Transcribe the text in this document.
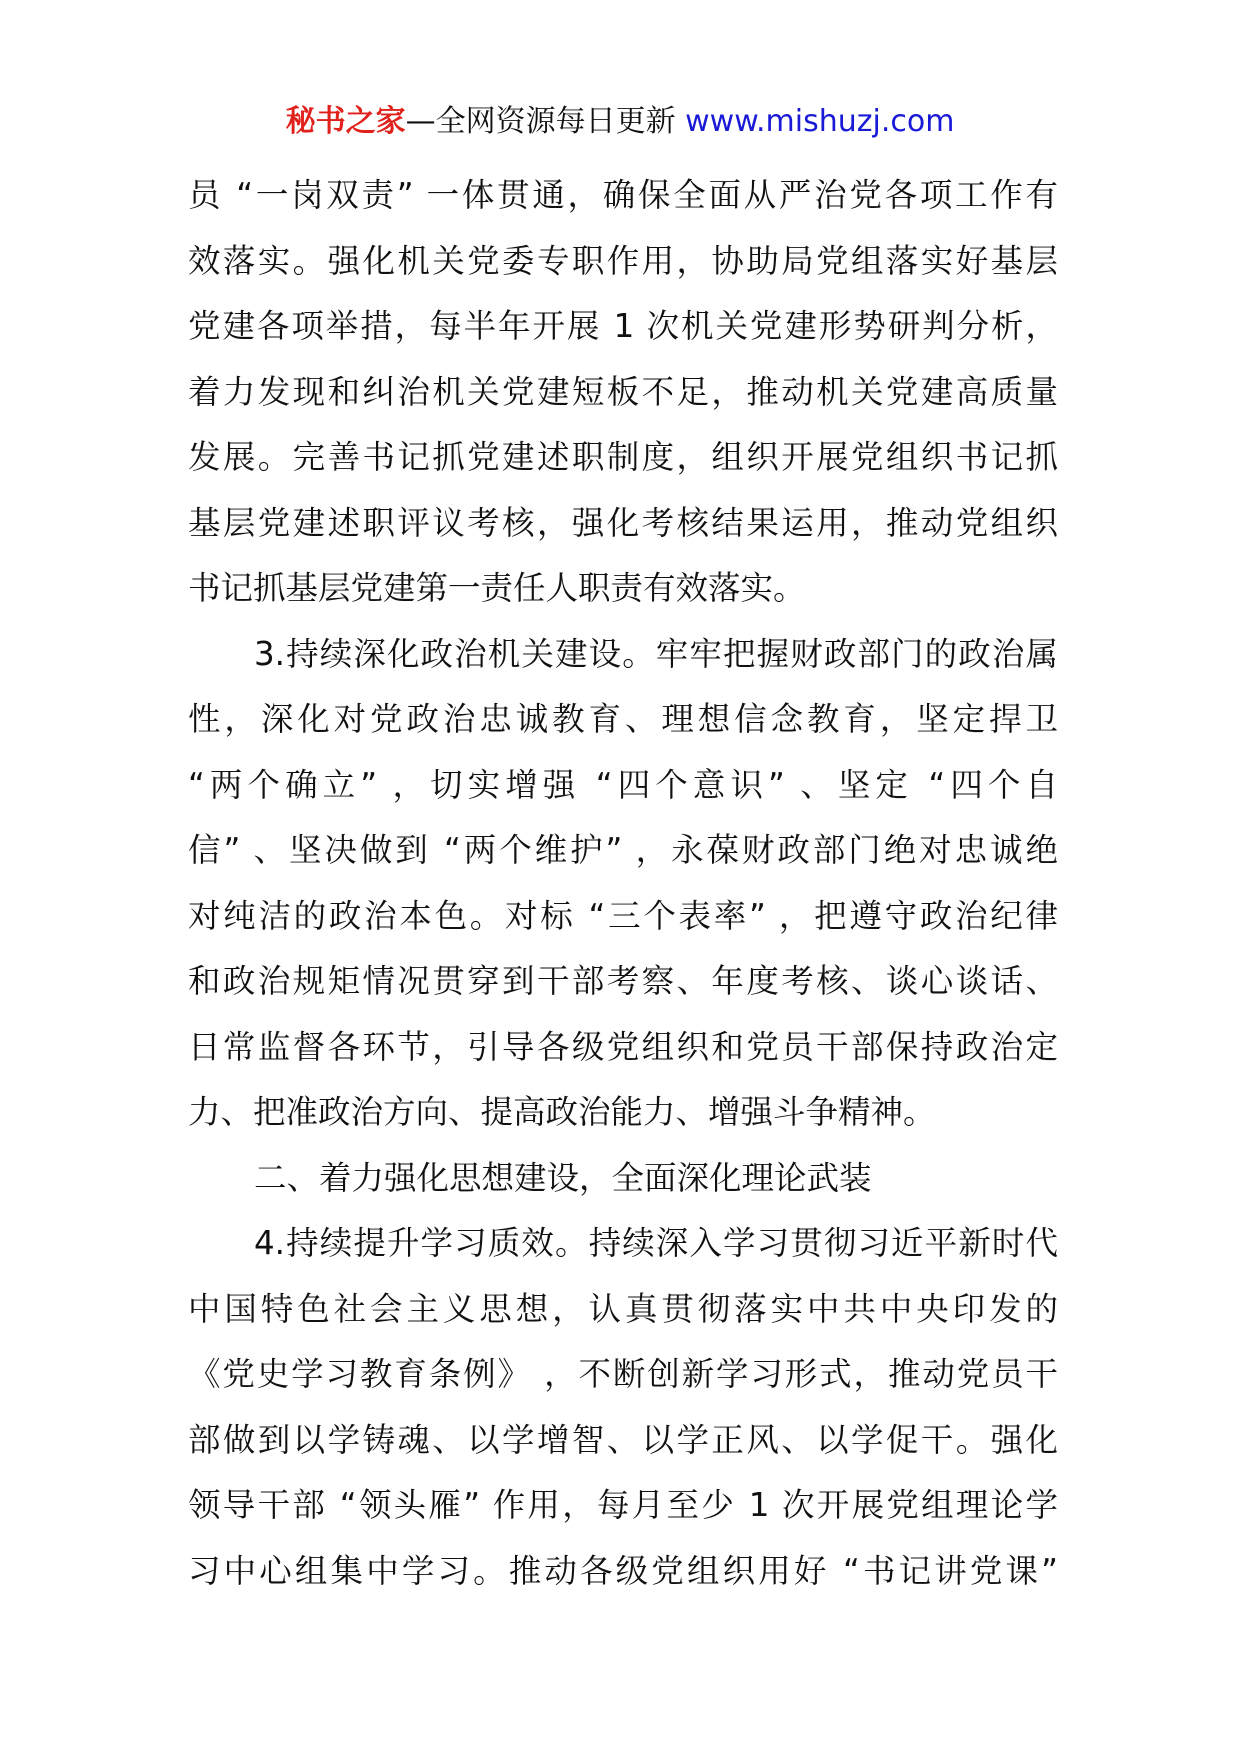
秘书之家—全网资源每日更新 www.mishuzj.com
员 “一岗双责” 一体贯通，确保全面从严治党各项工作有
效落实。强化机关党委专职作用，协助局党组落实好基层
党建各项举措，每半年开展 1 次机关党建形势研判分析，
着力发现和纠治机关党建短板不足，推动机关党建高质量
发展。完善书记抓党建述职制度，组织开展党组织书记抓
基层党建述职评议考核，强化考核结果运用，推动党组织
书记抓基层党建第一责任人职责有效落实。
3.持续深化政治机关建设。牢牢把握财政部门的政治属
性，深化对党政治忠诚教育、理想信念教育，坚定捍卫
“两个确立” ，切实增强 “四个意识” 、坚定 “四个自
信” 、坚决做到 “两个维护” ，永葆财政部门绝对忠诚绝
对纯洁的政治本色。对标 “三个表率” ，把遵守政治纪律
和政治规矩情况贯穿到干部考察、年度考核、谈心谈话、
日常监督各环节，引导各级党组织和党员干部保持政治定
力、把准政治方向、提高政治能力、增强斗争精神。
二、着力强化思想建设，全面深化理论武装
4.持续提升学习质效。持续深入学习贯彻习近平新时代
中国特色社会主义思想，认真贯彻落实中共中央印发的
《党史学习教育条例》 ，不断创新学习形式，推动党员干
部做到以学铸魂、以学增智、以学正风、以学促干。强化
领导干部 “领头雁” 作用，每月至少 1 次开展党组理论学
习中心组集中学习。推动各级党组织用好 “书记讲党课”
